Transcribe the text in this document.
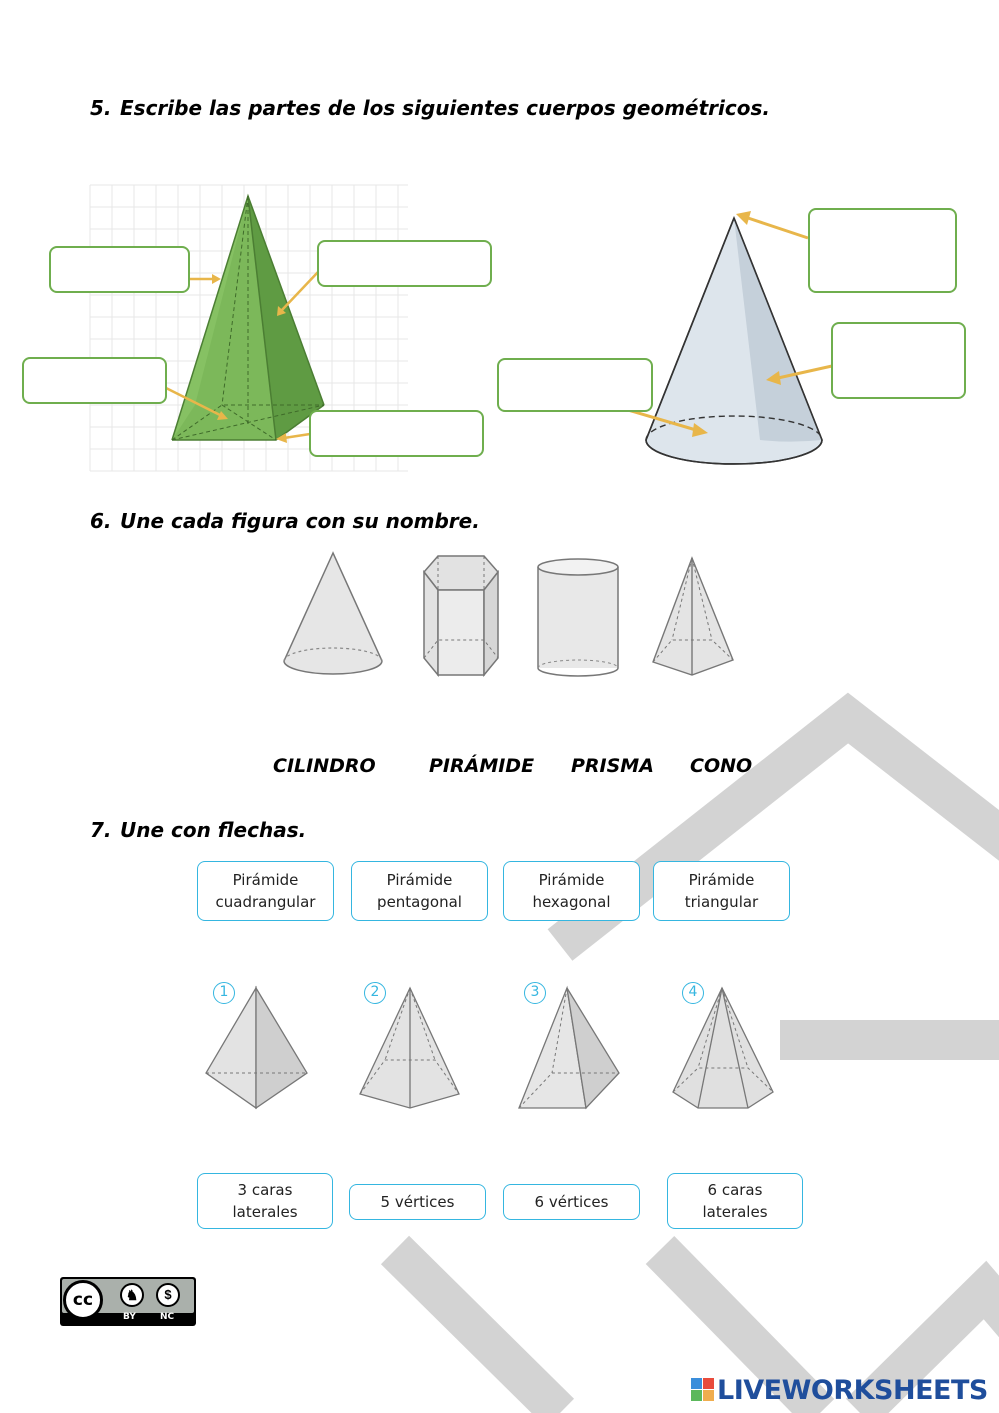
5. Escribe las partes de los siguientes cuerpos geométricos.
6. Une cada figura con su nombre.
CILINDRO	PIRÁMIDE PRISMA CONO
7. Une con flechas.
Pirámide
cuadrangular
Pirámide
pentagonal
Pirámide
hexagonal
Pirámide
triangular
1	2	3	4
3 caras
laterales
5 vértices	6 vértices
6 caras
laterales
cc	♞	$
BY	NC
LIVEWORKSHEETS
